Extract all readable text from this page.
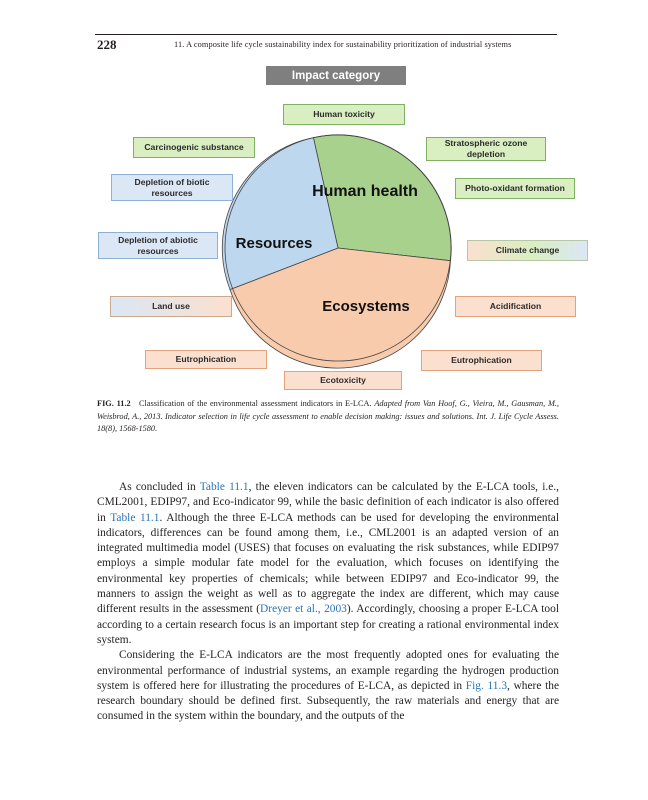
228	11. A composite life cycle sustainability index for sustainability prioritization of industrial systems
Impact category
Human health
Resources
Ecosystems
Human toxicity
Carcinogenic substance	Stratospheric ozone
depletion
Depletion of biotic
resources	Photo-oxidant formation
Depletion of abiotic
resources	Climate change
Land use	Acidification
Eutrophication	Eutrophication
Ecotoxicity
FIG. 11.2 Classification of the environmental assessment indicators in E-LCA. Adapted from Van Hoof, G., Vieira, M., Gausman, M., Weisbrod, A., 2013. Indicator selection in life cycle assessment to enable decision making: issues and solutions. Int. J. Life Cycle Assess. 18(8), 1568-1580.

As concluded in Table 11.1, the eleven indicators can be calculated by the E-LCA tools, i.e., CML2001, EDIP97, and Eco-indicator 99, while the basic definition of each indicator is also offered in Table 11.1. Although the three E-LCA methods can be used for developing the environmental indicators, differences can be found among them, i.e., CML2001 is an adapted version of an integrated multimedia model (USES) that focuses on evaluating the risk substances, while EDIP97 employs a simple modular fate model for the evaluation, which focuses on identifying the environmental key properties of chemicals; while between EDIP97 and Eco-indicator 99, the manners to assign the weight as well as to aggregate the index are different, which may cause different results in the assessment (Dreyer et al., 2003). Accordingly, choosing a proper E-LCA tool according to a certain research focus is an important step for creating a rational environmental index system.

Considering the E-LCA indicators are the most frequently adopted ones for evaluating the environmental performance of industrial systems, an example regarding the hydrogen production system is offered here for illustrating the procedures of E-LCA, as depicted in Fig. 11.3, where the research boundary should be defined first. Subsequently, the raw materials and energy that are consumed in the system within the boundary, and the outputs of the
